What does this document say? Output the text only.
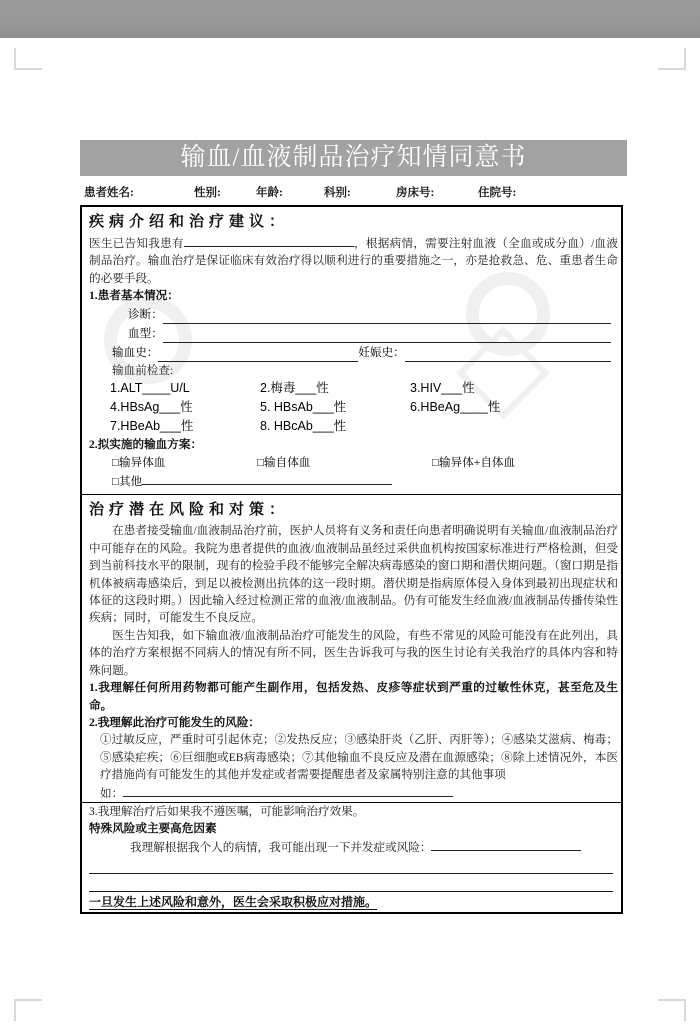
输血/血液制品治疗知情同意书
患者姓名:	性别:	年龄:	科别:	房床号:	住院号:
疾病介绍和治疗建议：
医生已告知我患有	，根据病情，需要注射血液（全血或成分血）/血液制品治疗。输血治疗是保证临床有效治疗得以顺利进行的重要措施之一，亦是抢救急、危、重患者生命的必要手段。
1.患者基本情况：
诊断：
血型：
输血史：	妊娠史：
输血前检查:
1.ALT____U/L	2.梅毒___性	3.HIV___性
4.HBsAg___性	5. HBsAb___性	6.HBeAg____性
7.HBeAb___性	8. HBcAb___性
2.拟实施的输血方案：
□输异体血	□输自体血	□输异体+自体血
□其他
治疗潜在风险和对策：
在患者接受输血/血液制品治疗前，医护人员将有义务和责任向患者明确说明有关输血/血液制品治疗中可能存在的风险。我院为患者提供的血液/血液制品虽经过采供血机构按国家标准进行严格检测，但受到当前科技水平的限制，现有的检验手段不能够完全解决病毒感染的窗口期和潜伏期问题。（窗口期是指机体被病毒感染后，到足以被检测出抗体的这一段时期。潜伏期是指病原体侵入身体到最初出现症状和体征的这段时期。）因此输入经过检测正常的血液/血液制品。仍有可能发生经血液/血液制品传播传染性疾病；同时，可能发生不良反应。
医生告知我，如下输血液/血液制品治疗可能发生的风险，有些不常见的风险可能没有在此列出，具体的治疗方案根据不同病人的情况有所不同，医生告诉我可与我的医生讨论有关我治疗的具体内容和特殊问题。
1.我理解任何所用药物都可能产生副作用，包括发热、皮疹等症状到严重的过敏性休克，甚至危及生命。
2.我理解此治疗可能发生的风险：
①过敏反应，严重时可引起休克；②发热反应；③感染肝炎（乙肝、丙肝等）；④感染艾滋病、梅毒；⑤感染疟疾；⑥巨细胞或EB病毒感染；⑦其他输血不良反应及潜在血源感染；⑧除上述情况外，本医疗措施尚有可能发生的其他并发症或者需要提醒患者及家属特别注意的其他事项
如：
3.我理解治疗后如果我不遵医嘱，可能影响治疗效果。
特殊风险或主要高危因素
我理解根据我个人的病情，我可能出现一下并发症或风险：
一旦发生上述风险和意外，医生会采取积极应对措施。
